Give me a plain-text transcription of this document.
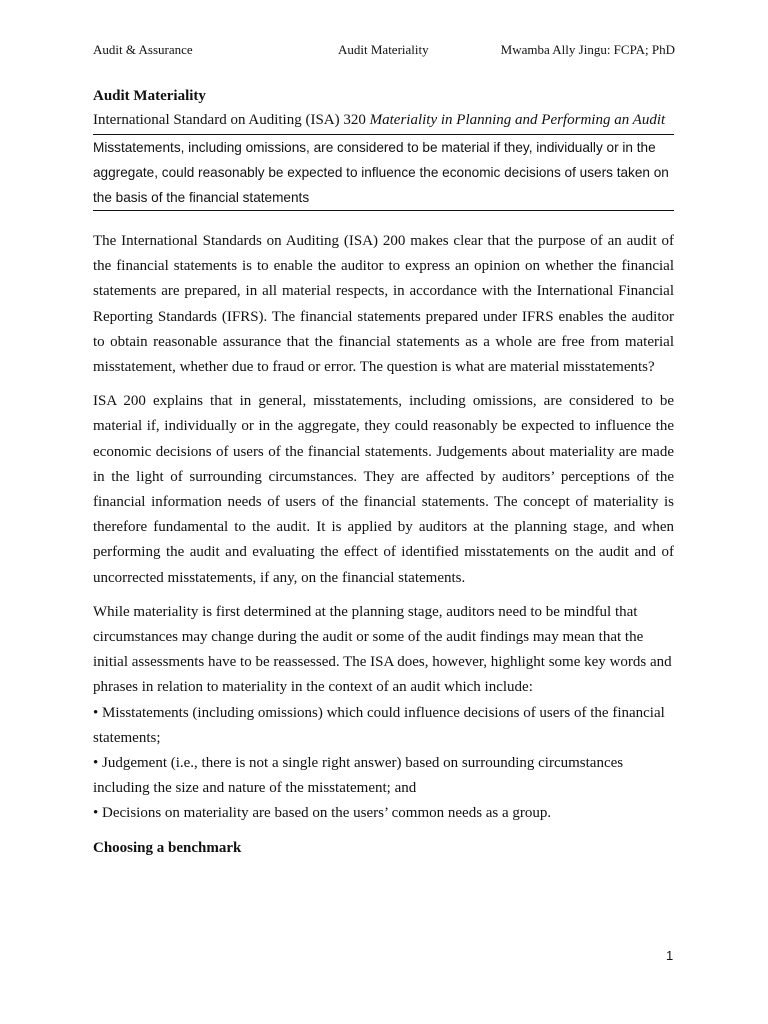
Audit & Assurance	Audit Materiality	Mwamba Ally Jingu: FCPA; PhD

Audit Materiality

International Standard on Auditing (ISA) 320 Materiality in Planning and Performing an Audit

Misstatements, including omissions, are considered to be material if they, individually or in the aggregate, could reasonably be expected to influence the economic decisions of users taken on the basis of the financial statements

The International Standards on Auditing (ISA) 200 makes clear that the purpose of an audit of the financial statements is to enable the auditor to express an opinion on whether the financial statements are prepared, in all material respects, in accordance with the International Financial Reporting Standards (IFRS). The financial statements prepared under IFRS enables the auditor to obtain reasonable assurance that the financial statements as a whole are free from material misstatement, whether due to fraud or error. The question is what are material misstatements?

ISA 200 explains that in general, misstatements, including omissions, are considered to be material if, individually or in the aggregate, they could reasonably be expected to influence the economic decisions of users of the financial statements. Judgements about materiality are made in the light of surrounding circumstances. They are affected by auditors’ perceptions of the financial information needs of users of the financial statements. The concept of materiality is therefore fundamental to the audit. It is applied by auditors at the planning stage, and when performing the audit and evaluating the effect of identified misstatements on the audit and of uncorrected misstatements, if any, on the financial statements.

While materiality is first determined at the planning stage, auditors need to be mindful that circumstances may change during the audit or some of the audit findings may mean that the initial assessments have to be reassessed. The ISA does, however, highlight some key words and phrases in relation to materiality in the context of an audit which include:

• Misstatements (including omissions) which could influence decisions of users of the financial statements;

• Judgement (i.e., there is not a single right answer) based on surrounding circumstances including the size and nature of the misstatement; and

• Decisions on materiality are based on the users’ common needs as a group.

Choosing a benchmark

1
